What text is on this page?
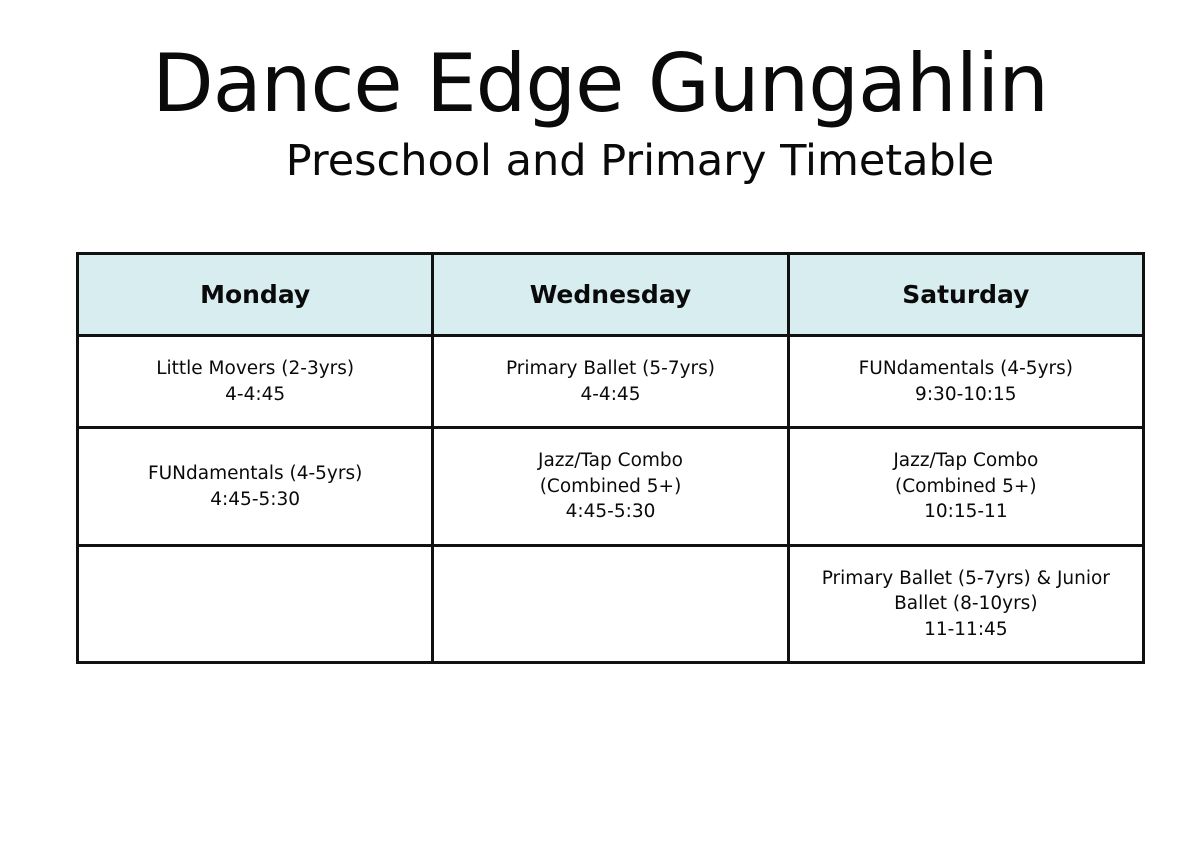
Dance Edge Gungahlin
Preschool and Primary Timetable
Monday	Wednesday	Saturday

Little Movers (2-3yrs)
4-4:45	Primary Ballet (5-7yrs)
4-4:45	FUNdamentals (4-5yrs)
9:30-10:15

FUNdamentals (4-5yrs)
4:45-5:30	Jazz/Tap Combo
(Combined 5+)
4:45-5:30	Jazz/Tap Combo
(Combined 5+)
10:15-11

		Primary Ballet (5-7yrs) & Junior
Ballet (8-10yrs)
11-11:45
